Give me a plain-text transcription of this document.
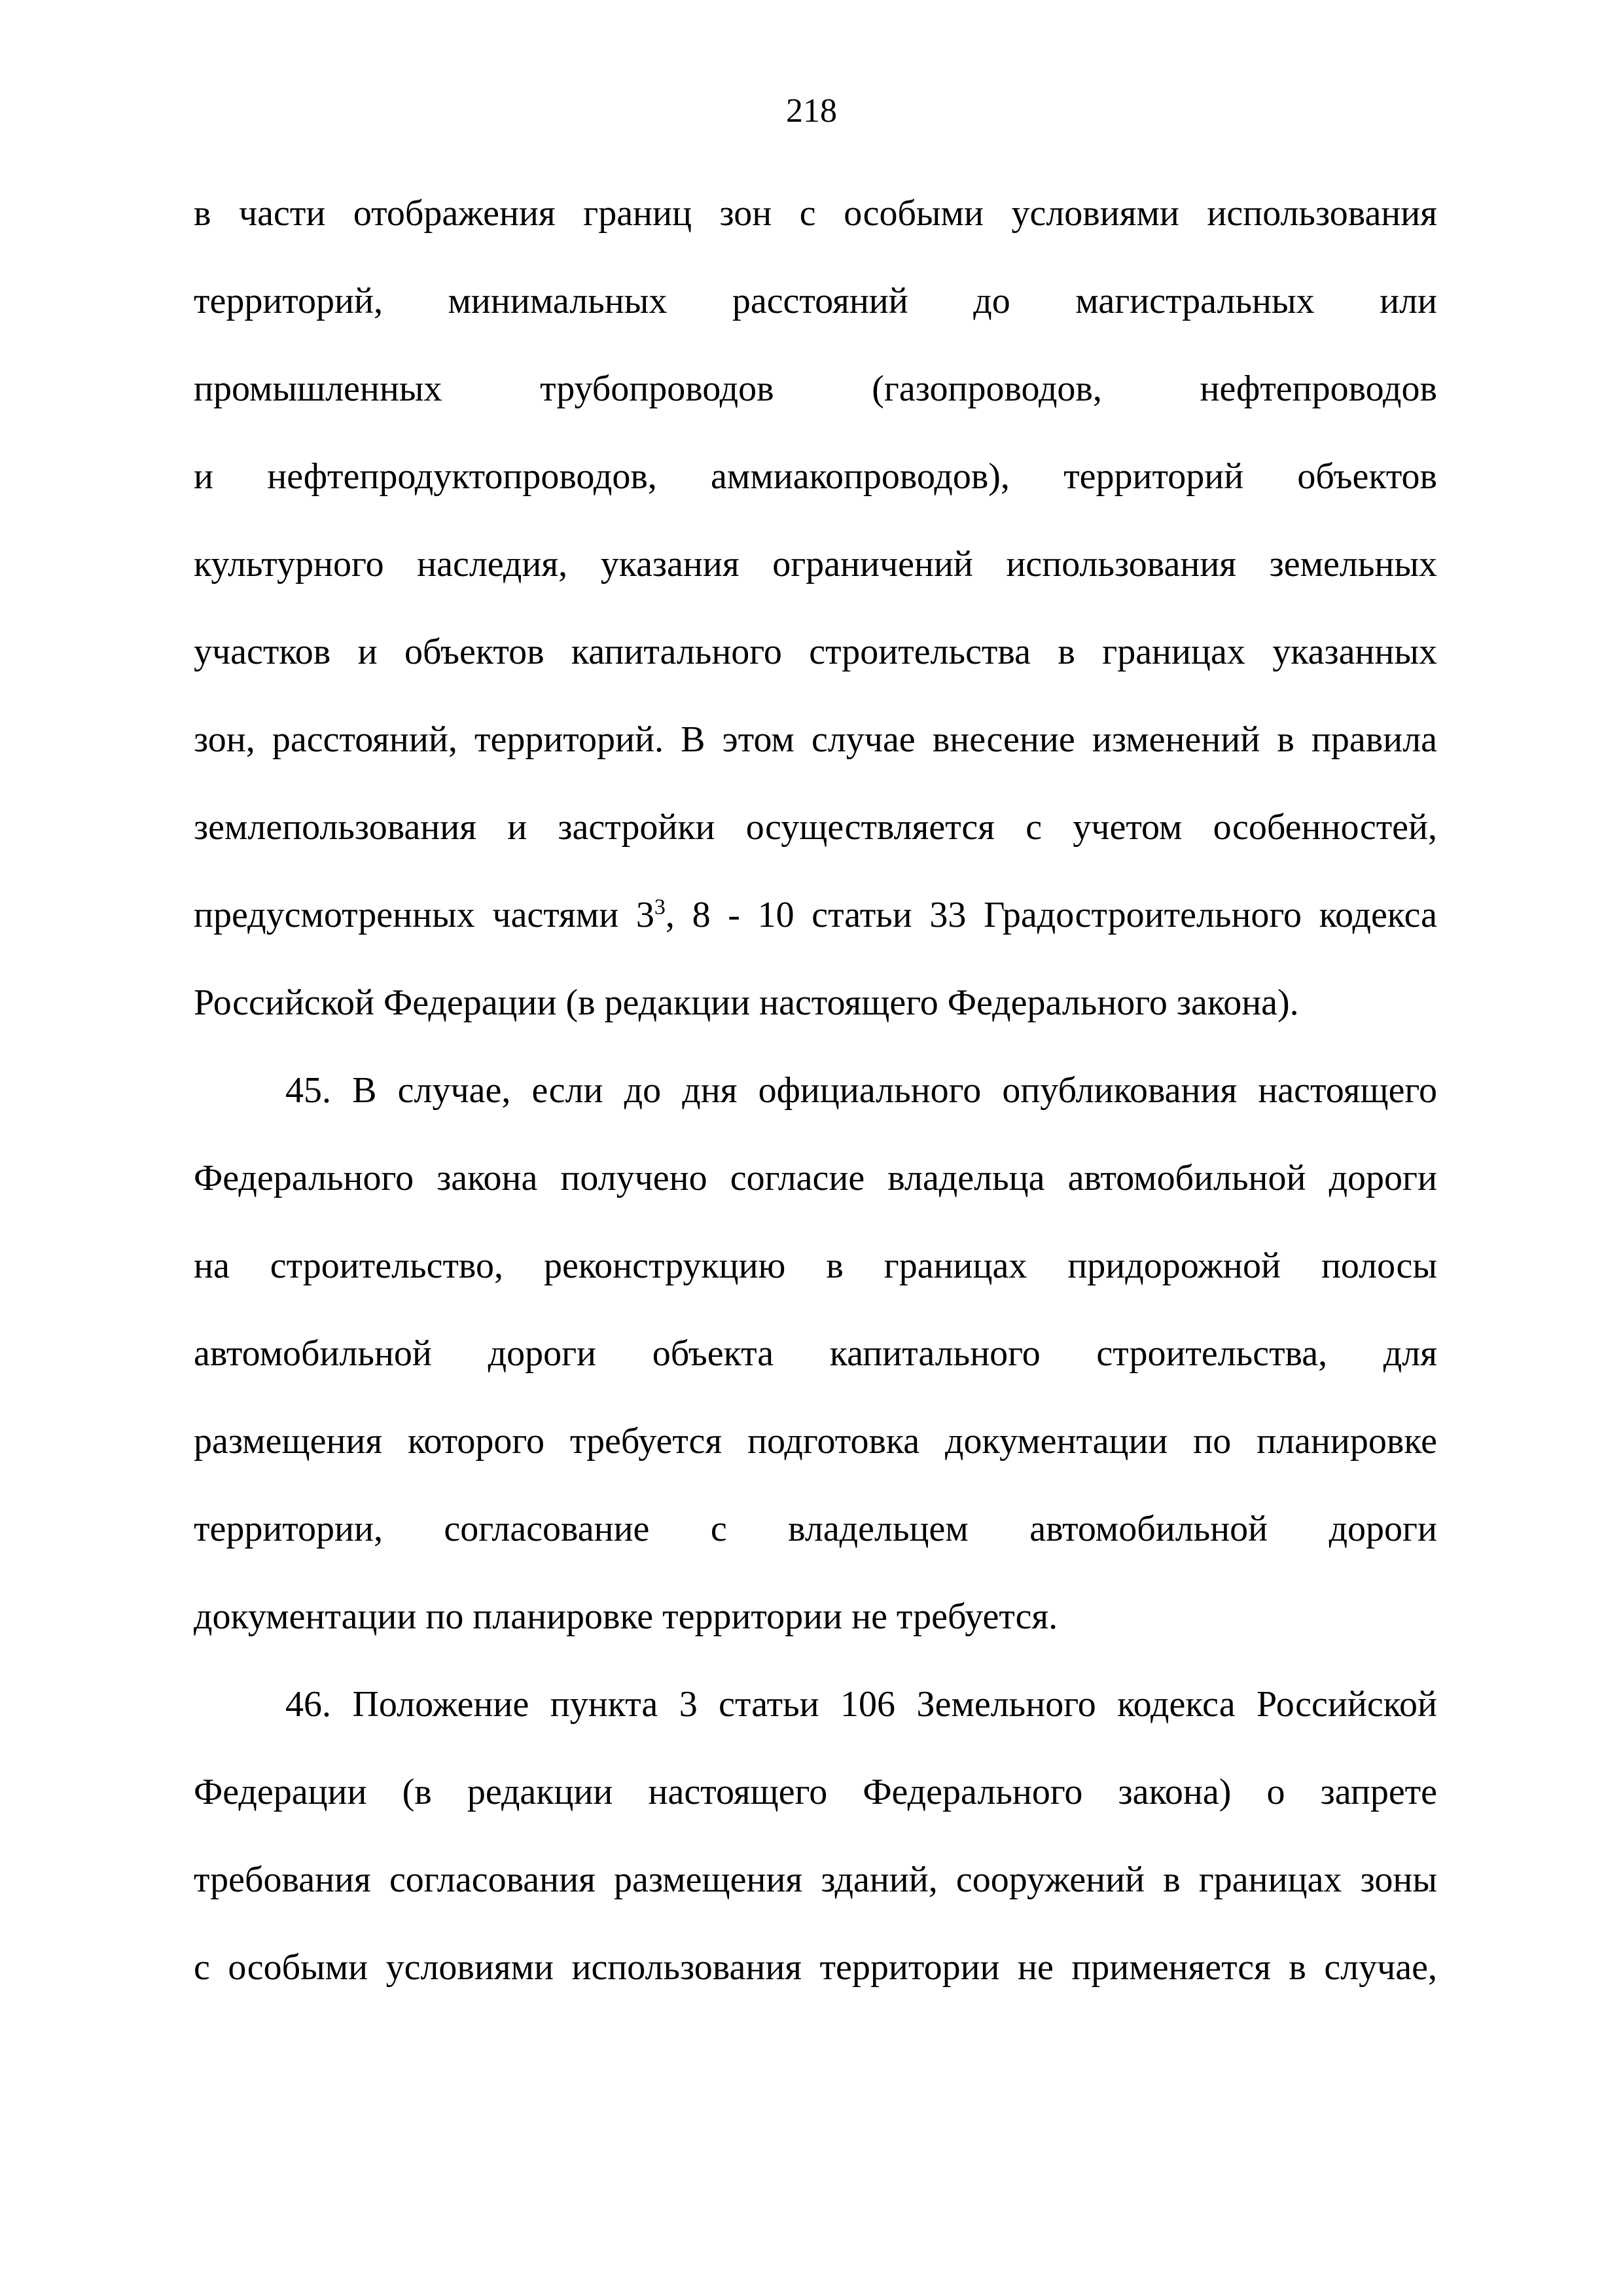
218
в части отображения границ зон с особыми условиями использования
территорий, минимальных расстояний до магистральных или
промышленных трубопроводов (газопроводов, нефтепроводов
и нефтепродуктопроводов, аммиакопроводов), территорий объектов
культурного наследия, указания ограничений использования земельных
участков и объектов капитального строительства в границах указанных
зон, расстояний, территорий. В этом случае внесение изменений в правила
землепользования и застройки осуществляется с учетом особенностей,
предусмотренных частями $3^3$, 8 - 10 статьи 33 Градостроительного кодекса
Российской Федерации (в редакции настоящего Федерального закона).
45. В случае, если до дня официального опубликования настоящего
Федерального закона получено согласие владельца автомобильной дороги
на строительство, реконструкцию в границах придорожной полосы
автомобильной дороги объекта капитального строительства, для
размещения которого требуется подготовка документации по планировке
территории, согласование с владельцем автомобильной дороги
документации по планировке территории не требуется.
46. Положение пункта 3 статьи 106 Земельного кодекса Российской
Федерации (в редакции настоящего Федерального закона) о запрете
требования согласования размещения зданий, сооружений в границах зоны
с особыми условиями использования территории не применяется в случае,
